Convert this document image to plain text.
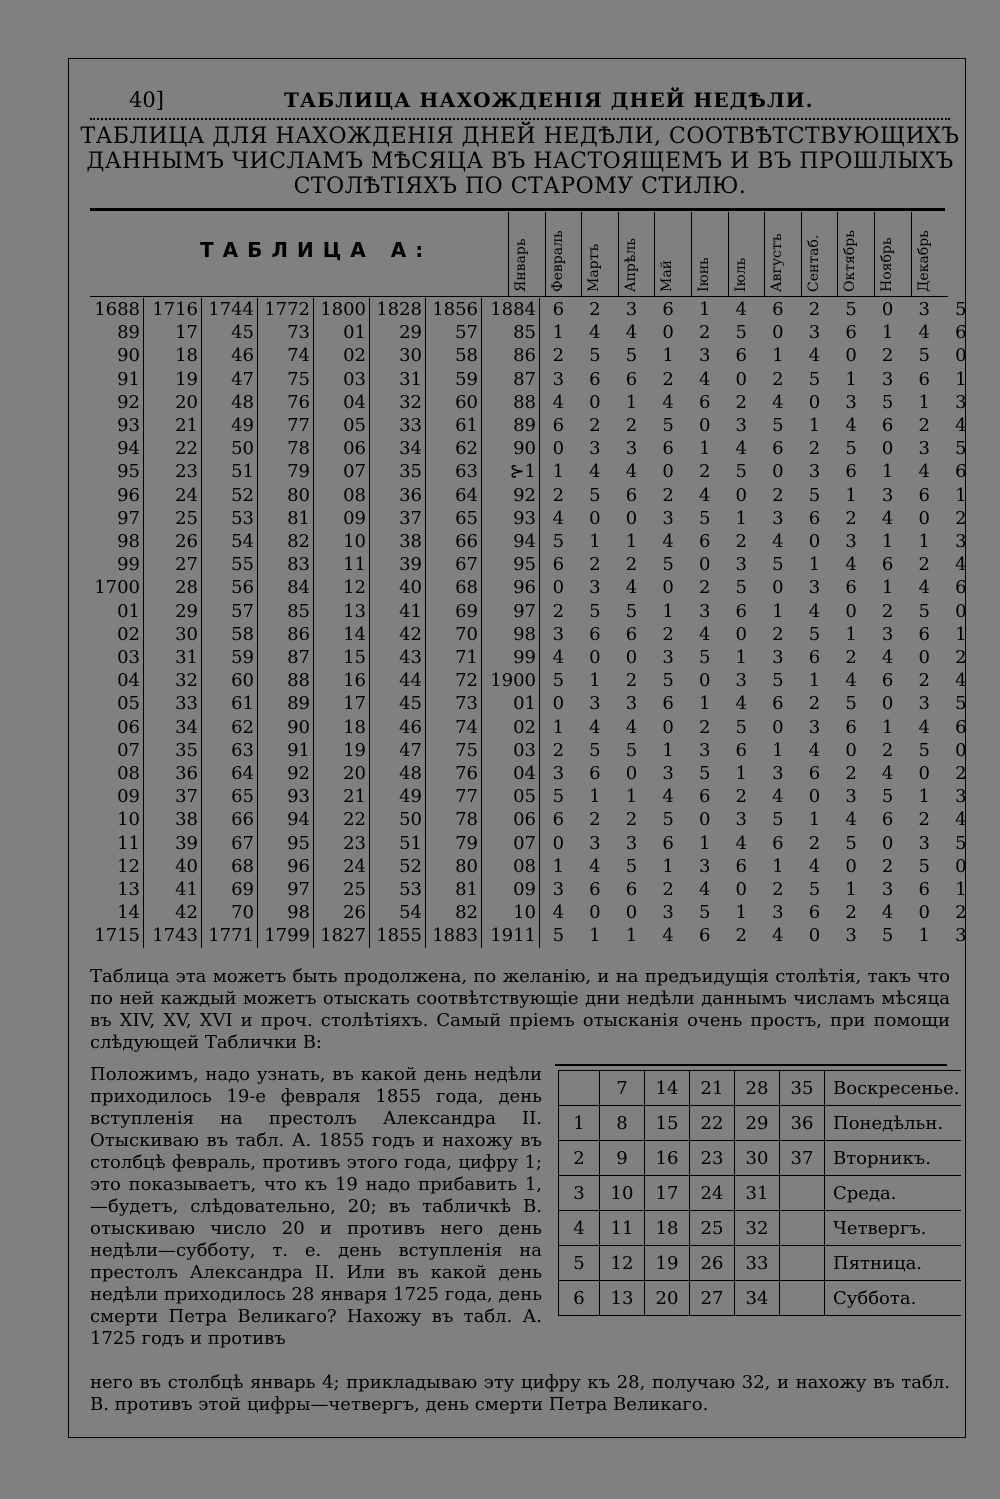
40]	ТАБЛИЦА НАХОЖДЕНІЯ ДНЕЙ НЕДѢЛИ.
ТАБЛИЦА ДЛЯ НАХОЖДЕНІЯ ДНЕЙ НЕДѢЛИ, СООТВѢТСТВУЮЩИХЪ ДАННЫМЪ ЧИСЛАМЪ МѢСЯЦА ВЪ НАСТОЯЩЕМЪ И ВЪ ПРОШЛЫХЪ СТОЛѢТІЯХЪ ПО СТАРОМУ СТИЛЮ.
ТАБЛИЦА А:	Январь Февраль Мартъ Апрѣль Май Іюнь Іюль Августъ Сентаб. Октябрь Ноябрь Декабрь
1688	1716	1744	1772	1800	1828	1856	1884	6	2	3	6	1	4	6	2	5	0	3	5
89	17	45	73	01	29	57	85	1	4	4	0	2	5	0	3	6	1	4	6
90	18	46	74	02	30	58	86	2	5	5	1	3	6	1	4	0	2	5	0
91	19	47	75	03	31	59	87	3	6	6	2	4	0	2	5	1	3	6	1
92	20	48	76	04	32	60	88	4	0	1	4	6	2	4	0	3	5	1	3
93	21	49	77	05	33	61	89	6	2	2	5	0	3	5	1	4	6	2	4
94	22	50	78	06	34	62	90	0	3	3	6	1	4	6	2	5	0	3	5
95	23	51	79	07	35	63	⊱1	1	4	4	0	2	5	0	3	6	1	4	6
96	24	52	80	08	36	64	92	2	5	6	2	4	0	2	5	1	3	6	1
97	25	53	81	09	37	65	93	4	0	0	3	5	1	3	6	2	4	0	2
98	26	54	82	10	38	66	94	5	1	1	4	6	2	4	0	3	1	1	3
99	27	55	83	11	39	67	95	6	2	2	5	0	3	5	1	4	6	2	4
1700	28	56	84	12	40	68	96	0	3	4	0	2	5	0	3	6	1	4	6
01	29	57	85	13	41	69	97	2	5	5	1	3	6	1	4	0	2	5	0
02	30	58	86	14	42	70	98	3	6	6	2	4	0	2	5	1	3	6	1
03	31	59	87	15	43	71	99	4	0	0	3	5	1	3	6	2	4	0	2
04	32	60	88	16	44	72	1900	5	1	2	5	0	3	5	1	4	6	2	4
05	33	61	89	17	45	73	01	0	3	3	6	1	4	6	2	5	0	3	5
06	34	62	90	18	46	74	02	1	4	4	0	2	5	0	3	6	1	4	6
07	35	63	91	19	47	75	03	2	5	5	1	3	6	1	4	0	2	5	0
08	36	64	92	20	48	76	04	3	6	0	3	5	1	3	6	2	4	0	2
09	37	65	93	21	49	77	05	5	1	1	4	6	2	4	0	3	5	1	3
10	38	66	94	22	50	78	06	6	2	2	5	0	3	5	1	4	6	2	4
11	39	67	95	23	51	79	07	0	3	3	6	1	4	6	2	5	0	3	5
12	40	68	96	24	52	80	08	1	4	5	1	3	6	1	4	0	2	5	0
13	41	69	97	25	53	81	09	3	6	6	2	4	0	2	5	1	3	6	1
14	42	70	98	26	54	82	10	4	0	0	3	5	1	3	6	2	4	0	2
1715	1743	1771	1799	1827	1855	1883	1911	5	1	1	4	6	2	4	0	3	5	1	3
Таблица эта можетъ быть продолжена, по желанію, и на предъидущія столѣтія, такъ что по ней каждый можетъ отыскать соотвѣтствующіе дни недѣли даннымъ числамъ мѣсяца въ XIV, XV, XVI и проч. столѣтіяхъ. Самый пріемъ отысканія очень простъ, при помощи слѣдующей Таблички В:
Положимъ, надо узнать, въ какой день недѣли приходилось 19-е февраля 1855 года, день вступленія на престолъ Александра II. Отыскиваю въ табл. А. 1855 годъ и нахожу въ столбцѣ февраль, противъ этого года, цифру 1; это показываетъ, что къ 19 надо прибавить 1,—будетъ, слѣдовательно, 20; въ табличкѣ В. отыскиваю число 20 и противъ него день недѣли—субботу, т. е. день вступленія на престолъ Александра II. Или въ какой день недѣли приходилось 28 января 1725 года, день смерти Петра Великаго? Нахожу въ табл. А. 1725 годъ и противъ
	7	14	21	28	35	Воскресенье.
1	8	15	22	29	36	Понедѣльн.
2	9	16	23	30	37	Вторникъ.
3	10	17	24	31		Среда.
4	11	18	25	32		Четвергъ.
5	12	19	26	33		Пятница.
6	13	20	27	34		Суббота.
него въ столбцѣ январь 4; прикладываю эту цифру къ 28, получаю 32, и нахожу въ табл. В. противъ этой цифры—четвергъ, день смерти Петра Великаго.
